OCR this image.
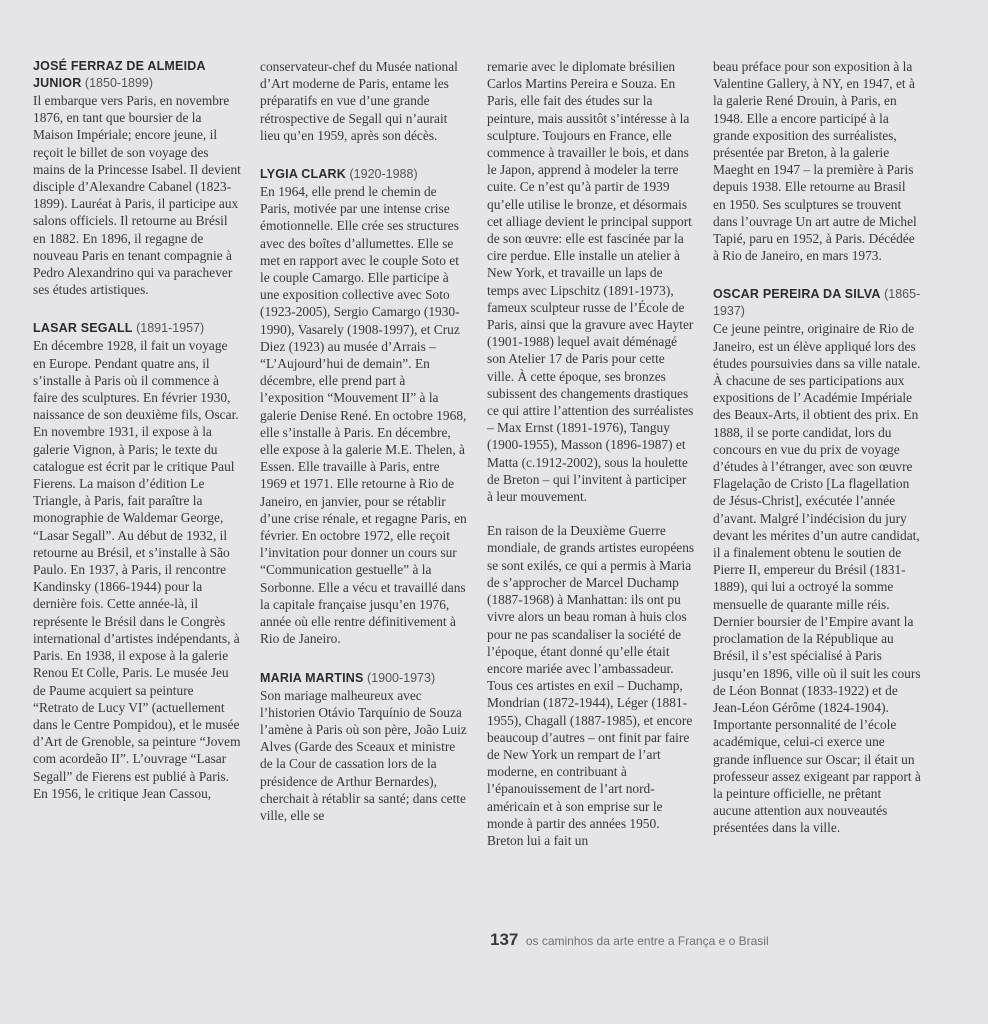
JOSÉ FERRAZ DE ALMEIDA JUNIOR (1850-1899)

Il embarque vers Paris, en novembre 1876, en tant que boursier de la Maison Impériale; encore jeune, il reçoit le billet de son voyage des mains de la Princesse Isabel. Il devient disciple d’Alexandre Cabanel (1823-1899). Lauréat à Paris, il participe aux salons officiels. Il retourne au Brésil en 1882. En 1896, il regagne de nouveau Paris en tenant compagnie à Pedro Alexandrino qui va parachever ses études artistiques.

LASAR SEGALL (1891-1957)

En décembre 1928, il fait un voyage en Europe. Pendant quatre ans, il s’installe à Paris où il commence à faire des sculptures. En février 1930, naissance de son deuxième fils, Oscar. En novembre 1931, il expose à la galerie Vignon, à Paris; le texte du catalogue est écrit par le critique Paul Fierens. La maison d’édition Le Triangle, à Paris, fait paraître la monographie de Waldemar George, “Lasar Segall”. Au début de 1932, il retourne au Brésil, et s’installe à São Paulo. En 1937, à Paris, il rencontre Kandinsky (1866-1944) pour la dernière fois. Cette année-là, il représente le Brésil dans le Congrès international d’artistes indépendants, à Paris. En 1938, il expose à la galerie Renou Et Colle, Paris. Le musée Jeu de Paume acquiert sa peinture “Retrato de Lucy VI” (actuellement dans le Centre Pompidou), et le musée d’Art de Grenoble, sa peinture “Jovem com acordeão II”. L’ouvrage “Lasar Segall” de Fierens est publié à Paris. En 1956, le critique Jean Cassou,

conservateur-chef du Musée national d’Art moderne de Paris, entame les préparatifs en vue d’une grande rétrospective de Segall qui n’aurait lieu qu’en 1959, après son décès.

LYGIA CLARK (1920-1988)

En 1964, elle prend le chemin de Paris, motivée par une intense crise émotionnelle. Elle crée ses structures avec des boîtes d’allumettes. Elle se met en rapport avec le couple Soto et le couple Camargo. Elle participe à une exposition collective avec Soto (1923-2005), Sergio Camargo (1930-1990), Vasarely (1908-1997), et Cruz Diez (1923) au musée d’Arrais – “L’Aujourd’hui de demain”. En décembre, elle prend part à l’exposition “Mouvement II” à la galerie Denise René. En octobre 1968, elle s’installe à Paris. En décembre, elle expose à la galerie M.E. Thelen, à Essen. Elle travaille à Paris, entre 1969 et 1971. Elle retourne à Rio de Janeiro, en janvier, pour se rétablir d’une crise rénale, et regagne Paris, en février. En octobre 1972, elle reçoit l’invitation pour donner un cours sur “Communication gestuelle” à la Sorbonne. Elle a vécu et travaillé dans la capitale française jusqu’en 1976, année où elle rentre définitivement à Rio de Janeiro.

MARIA MARTINS (1900-1973)

Son mariage malheureux avec l’historien Otávio Tarquínio de Souza l’amène à Paris où son père, João Luiz Alves (Garde des Sceaux et ministre de la Cour de cassation lors de la présidence de Arthur Bernardes), cherchait à rétablir sa santé; dans cette ville, elle se

remarie avec le diplomate brésilien Carlos Martins Pereira e Souza. En Paris, elle fait des études sur la peinture, mais aussitôt s’intéresse à la sculpture. Toujours en France, elle commence à travailler le bois, et dans le Japon, apprend à modeler la terre cuite. Ce n’est qu’à partir de 1939 qu’elle utilise le bronze, et désormais cet alliage devient le principal support de son œuvre: elle est fascinée par la cire perdue. Elle installe un atelier à New York, et travaille un laps de temps avec Lipschitz (1891-1973), fameux sculpteur russe de l’École de Paris, ainsi que la gravure avec Hayter (1901-1988) lequel avait déménagé son Atelier 17 de Paris pour cette ville. À cette époque, ses bronzes subissent des changements drastiques ce qui attire l’attention des surréalistes – Max Ernst (1891-1976), Tanguy (1900-1955), Masson (1896-1987) et Matta (c.1912-2002), sous la houlette de Breton – qui l’invitent à participer à leur mouvement.

En raison de la Deuxième Guerre mondiale, de grands artistes européens se sont exilés, ce qui a permis à Maria de s’approcher de Marcel Duchamp (1887-1968) à Manhattan: ils ont pu vivre alors un beau roman à huis clos pour ne pas scandaliser la société de l’époque, étant donné qu’elle était encore mariée avec l’ambassadeur. Tous ces artistes en exil – Duchamp, Mondrian (1872-1944), Léger (1881-1955), Chagall (1887-1985), et encore beaucoup d’autres – ont finit par faire de New York un rempart de l’art moderne, en contribuant à l’épanouissement de l’art nord-américain et à son emprise sur le monde à partir des années 1950. Breton lui a fait un

beau préface pour son exposition à la Valentine Gallery, à NY, en 1947, et à la galerie René Drouin, à Paris, en 1948. Elle a encore participé à la grande exposition des surréalistes, présentée par Breton, à la galerie Maeght en 1947 – la première à Paris depuis 1938. Elle retourne au Brasil en 1950. Ses sculptures se trouvent dans l’ouvrage Un art autre de Michel Tapié, paru en 1952, à Paris. Décédée à Rio de Janeiro, en mars 1973.

OSCAR PEREIRA DA SILVA (1865-1937)

Ce jeune peintre, originaire de Rio de Janeiro, est un élève appliqué lors des études poursuivies dans sa ville natale. À chacune de ses participations aux expositions de l’ Académie Impériale des Beaux-Arts, il obtient des prix. En 1888, il se porte candidat, lors du concours en vue du prix de voyage d’études à l’étranger, avec son œuvre Flagelação de Cristo [La flagellation de Jésus-Christ], exécutée l’année d’avant. Malgré l’indécision du jury devant les mérites d’un autre candidat, il a finalement obtenu le soutien de Pierre II, empereur du Brésil (1831-1889), qui lui a octroyé la somme mensuelle de quarante mille réis. Dernier boursier de l’Empire avant la proclamation de la République au Brésil, il s’est spécialisé à Paris jusqu’en 1896, ville où il suit les cours de Léon Bonnat (1833-1922) et de Jean-Léon Gérôme (1824-1904). Importante personnalité de l’école académique, celui-ci exerce une grande influence sur Oscar; il était un professeur assez exigeant par rapport à la peinture officielle, ne prêtant aucune attention aux nouveautés présentées dans la ville.

137 os caminhos da arte entre a França e o Brasil
